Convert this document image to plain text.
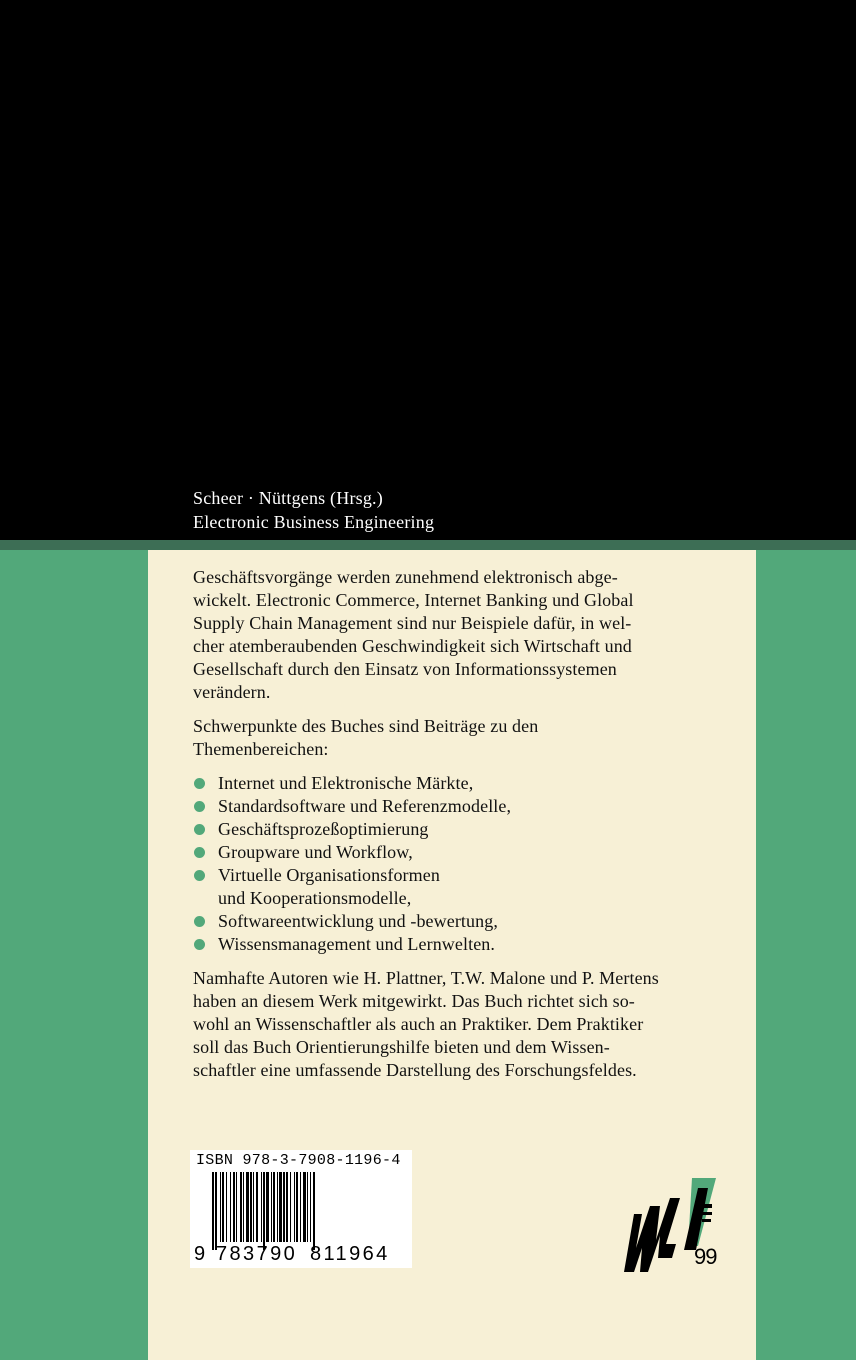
Scheer · Nüttgens (Hrsg.)
Electronic Business Engineering

Geschäftsvorgänge werden zunehmend elektronisch abge-
wickelt. Electronic Commerce, Internet Banking und Global
Supply Chain Management sind nur Beispiele dafür, in wel-
cher atemberaubenden Geschwindigkeit sich Wirtschaft und
Gesellschaft durch den Einsatz von Informationssystemen
verändern.

Schwerpunkte des Buches sind Beiträge zu den
Themenbereichen:

Internet und Elektronische Märkte,
Standardsoftware und Referenzmodelle,
Geschäftsprozeßoptimierung
Groupware und Workflow,
Virtuelle Organisationsformen
und Kooperationsmodelle,
Softwareentwicklung und -bewertung,
Wissensmanagement und Lernwelten.

Namhafte Autoren wie H. Plattner, T.W. Malone und P. Mertens
haben an diesem Werk mitgewirkt. Das Buch richtet sich so-
wohl an Wissenschaftler als auch an Praktiker. Dem Praktiker
soll das Buch Orientierungshilfe bieten und dem Wissen-
schaftler eine umfassende Darstellung des Forschungsfeldes.

ISBN 978-3-7908-1196-4
9 783790 811964	99
